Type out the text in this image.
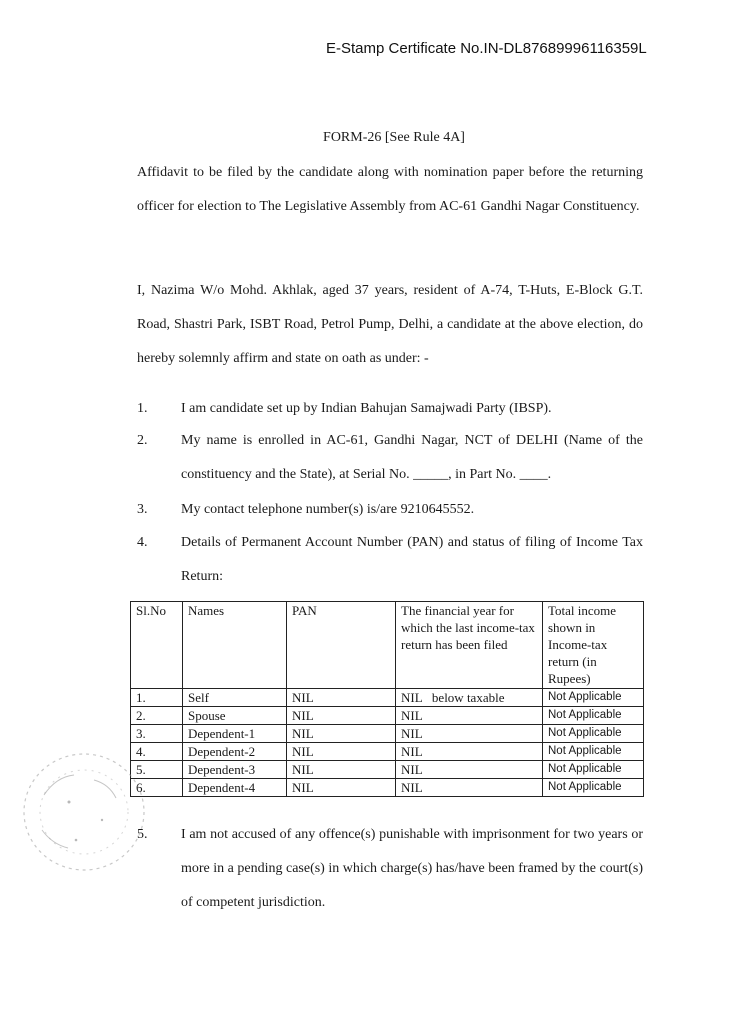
E-Stamp Certificate No.IN-DL87689996116359L
FORM-26 [See Rule 4A]
Affidavit to be filed by the candidate along with nomination paper before the returning officer for election to The Legislative Assembly from AC-61 Gandhi Nagar Constituency.
I, Nazima W/o Mohd. Akhlak, aged 37 years, resident of A-74, T-Huts, E-Block G.T. Road, Shastri Park, ISBT Road, Petrol Pump, Delhi, a candidate at the above election, do hereby solemnly affirm and state on oath as under: -
1. I am candidate set up by Indian Bahujan Samajwadi Party (IBSP).
2. My name is enrolled in AC-61, Gandhi Nagar, NCT of DELHI (Name of the constituency and the State), at Serial No. _____, in Part No. ____.
3. My contact telephone number(s) is/are 9210645552.
4. Details of Permanent Account Number (PAN) and status of filing of Income Tax Return:
Sl.No	Names	PAN	The financial year for which the last income-tax return has been filed	Total income shown in Income-tax return (in Rupees)
1.	Self	NIL	NIL   below taxable	Not Applicable
2.	Spouse	NIL	NIL	Not Applicable
3.	Dependent-1	NIL	NIL	Not Applicable
4.	Dependent-2	NIL	NIL	Not Applicable
5.	Dependent-3	NIL	NIL	Not Applicable
6.	Dependent-4	NIL	NIL	Not Applicable
5. I am not accused of any offence(s) punishable with imprisonment for two years or more in a pending case(s) in which charge(s) has/have been framed by the court(s) of competent jurisdiction.
